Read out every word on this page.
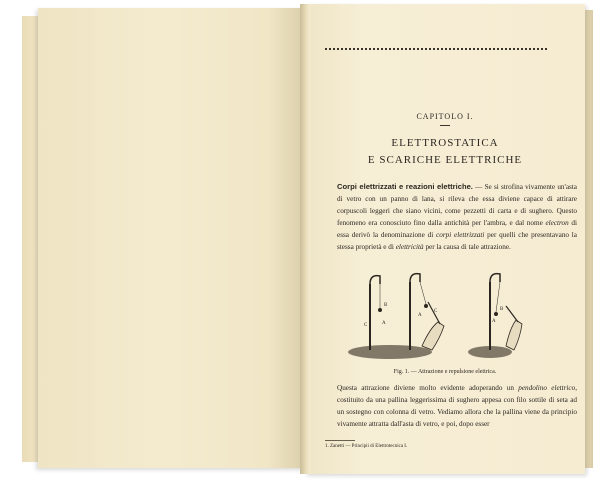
CAPITOLO I.
ELETTROSTATICA
E SCARICHE ELETTRICHE
Corpi elettrizzati e reazioni elettriche. — Se si strofina vivamente un'asta di vetro con un panno di lana, si rileva che essa diviene capace di attirare corpuscoli leggeri che siano vicini, come pezzetti di carta e di sughero. Questo fenomeno era conosciuto fino dalla antichità per l'ambra, e dal nome electron di essa derivò la denominazione di corpi elettrizzati per quelli che presentavano la stessa proprietà e di elettricità per la causa di tale attrazione.
C	A
B
A
C	B
A
Fig. 1. — Attrazione e repulsione elettrica.
Questa attrazione diviene molto evidente adoperando un pendolino elettrico, costituito da una pallina leggerissima di sughero appesa con filo sottile di seta ad un sostegno con colonna di vetro. Vediamo allora che la pallina viene da principio vivamente attratta dall'asta di vetro, e poi, dopo esser
1. Zanetti — Principii di Elettrotecnica I.
